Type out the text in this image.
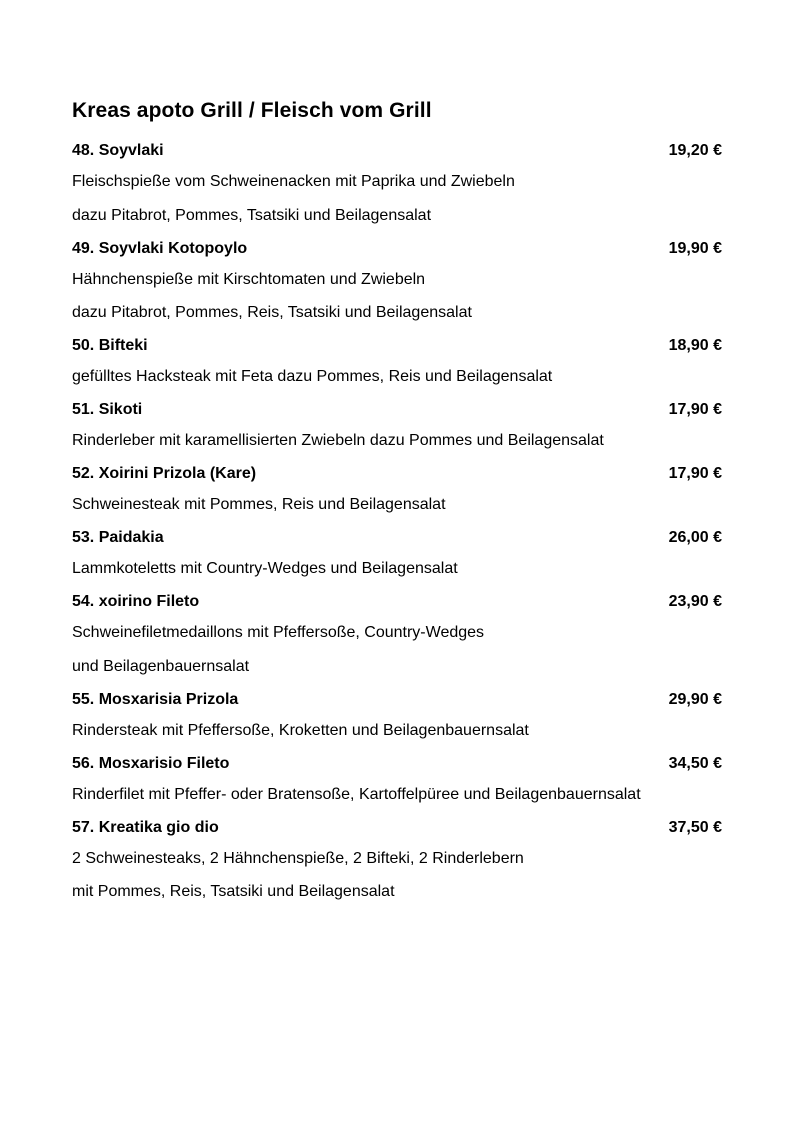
Kreas apoto Grill / Fleisch vom Grill
48. Soyvlaki	19,20 €
Fleischspieße vom Schweinenacken mit Paprika und Zwiebeln
dazu Pitabrot, Pommes, Tsatsiki und Beilagensalat
49. Soyvlaki Kotopoylo	19,90 €
Hähnchenspieße mit Kirschtomaten und Zwiebeln
dazu Pitabrot, Pommes, Reis, Tsatsiki und Beilagensalat
50. Bifteki	18,90 €
gefülltes Hacksteak mit Feta dazu Pommes, Reis und Beilagensalat
51. Sikoti	17,90 €
Rinderleber mit karamellisierten Zwiebeln dazu Pommes und Beilagensalat
52. Xoirini Prizola (Kare)	17,90 €
Schweinesteak mit Pommes, Reis und Beilagensalat
53. Paidakia	26,00 €
Lammkoteletts mit Country-Wedges und Beilagensalat
54. xoirino Fileto	23,90 €
Schweinefiletmedaillons mit Pfeffersoße, Country-Wedges
und Beilagenbauernsalat
55. Mosxarisia Prizola	29,90 €
Rindersteak mit Pfeffersoße, Kroketten und Beilagenbauernsalat
56. Mosxarisio Fileto	34,50 €
Rinderfilet mit Pfeffer- oder Bratensoße, Kartoffelpüree und Beilagenbauernsalat
57. Kreatika gio dio	37,50 €
2 Schweinesteaks, 2 Hähnchenspieße, 2 Bifteki, 2 Rinderlebern
mit Pommes, Reis, Tsatsiki und Beilagensalat
